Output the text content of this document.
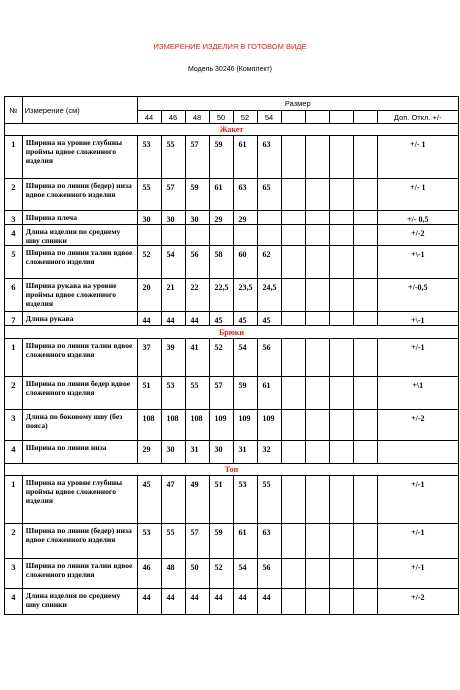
ИЗМЕРЕНИЕ ИЗДЕЛИЯ В ГОТОВОМ ВИДЕ
Модель 30246 (Комплект)
№	Измерение (см)	Размер										
		44	46	48	50	52	54					Доп. Откл. +/-
Жакет												
1	Ширина на уровне глубины проймы вдвое сложенного изделия	53	55	57	59	61	63					+/- 1
2	Ширина по линии (бедер) низа вдвое сложенного изделия	55	57	59	61	63	65					+/- 1
3	Ширина плеча	30	30	30	29	29						+/- 0,5
4	Длина изделия по среднему шву спинки											+/-2
5	Ширина по линии талии вдвое сложенного изделия	52	54	56	58	60	62					+\-1
6	Ширина рукава на уровне проймы вдвое сложенного изделия	20	21	22	22,5	23,5	24,5					+/-0,5
7	Длина рукава	44	44	44	45	45	45					+\-1
Брюки												
1	Ширина по линии талии вдвое сложенного изделия	37	39	41	52	54	56					+/-1
2	Ширина по линии бедер вдвое сложенного изделия	51	53	55	57	59	61					+\1
3	Длина по боковому шву (без пояса)	108	108	108	109	109	109					+/-2
4	Ширина по линии низа	29	30	31	30	31	32					
Топ												
1	Ширина на уровне глубины проймы вдвое сложенного изделия	45	47	49	51	53	55					+/-1
2	Ширина по линии (бедер) низа вдвое сложенного изделия	53	55	57	59	61	63					+/-1
3	Ширина по линии талии вдвое сложенного изделия	46	48	50	52	54	56					+/-1
4	Длина изделия по среднему шву спинки	44	44	44	44	44	44					+/-2
